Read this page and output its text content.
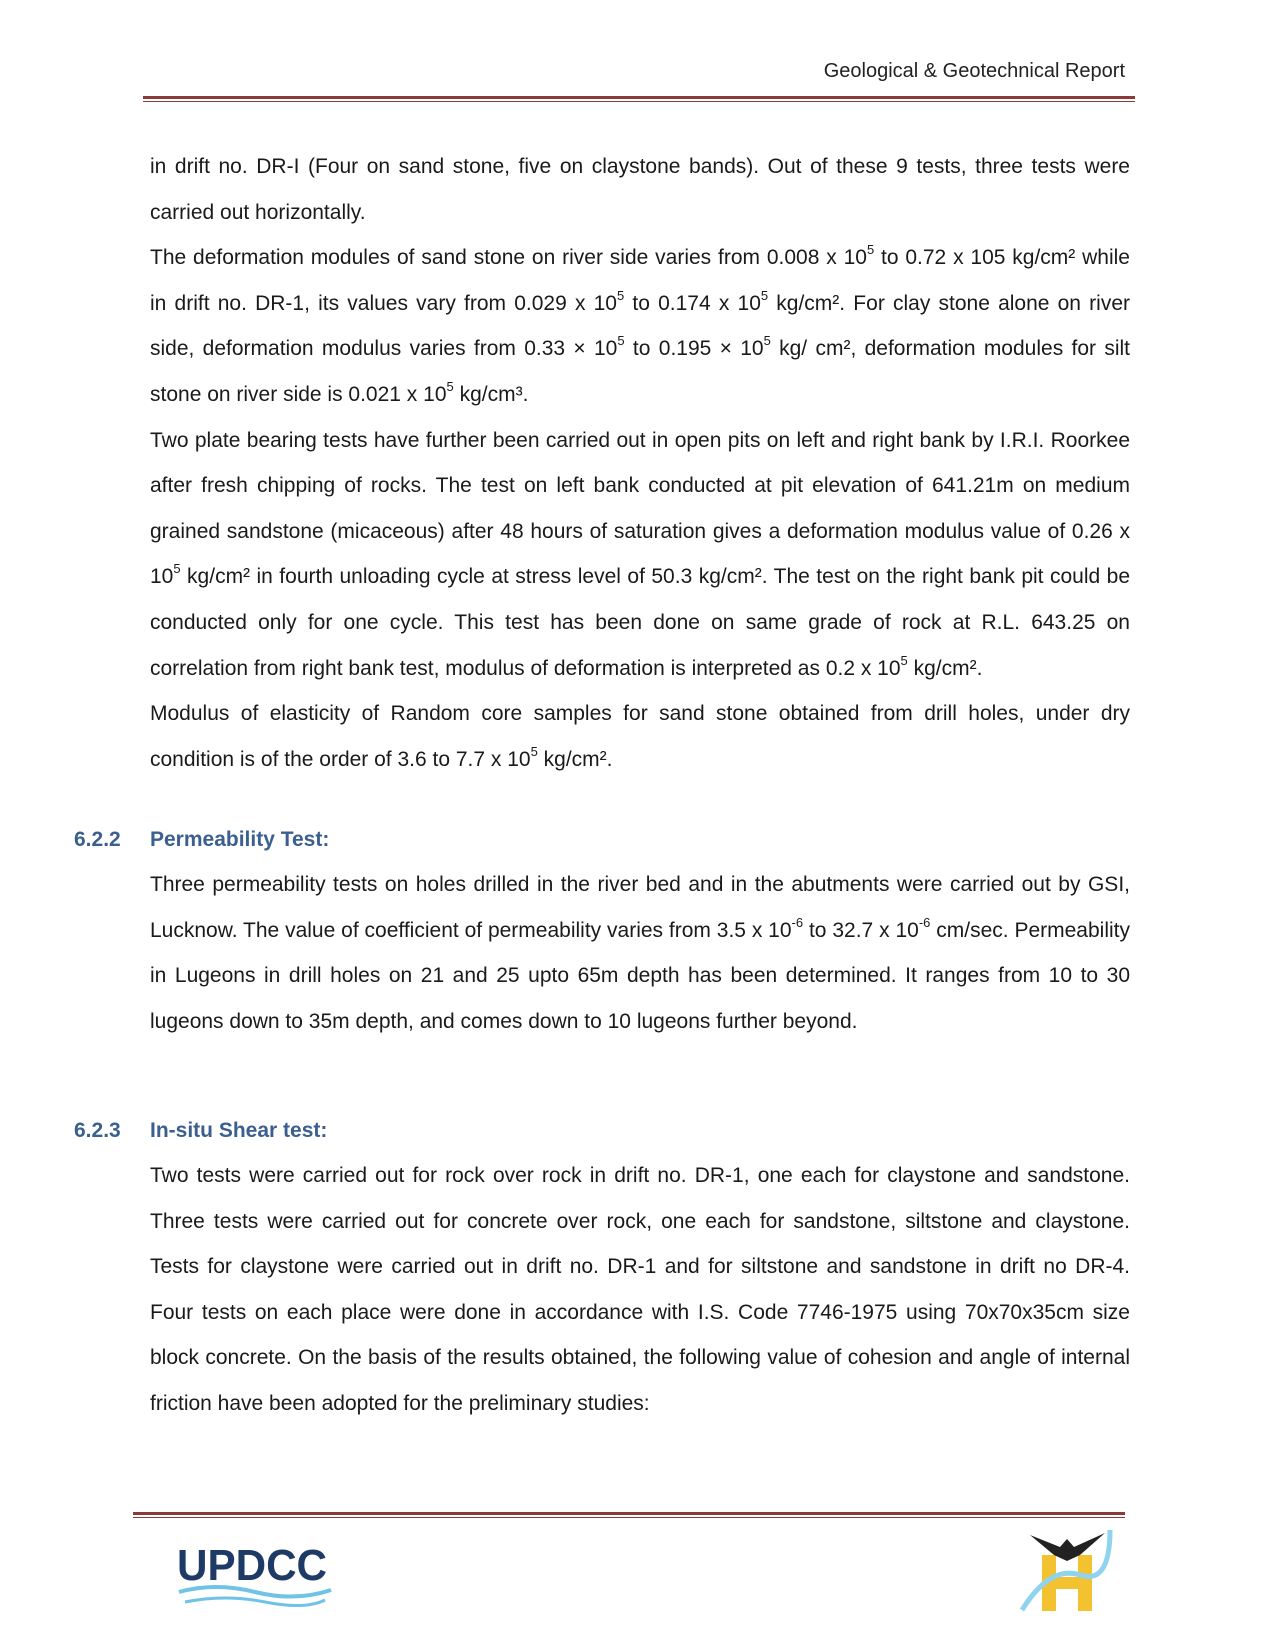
Geological & Geotechnical Report

in drift no. DR-I (Four on sand stone, five on claystone bands). Out of these 9 tests, three tests were carried out horizontally.

The deformation modules of sand stone on river side varies from 0.008 x $10^5$ to 0.72 x 105 kg/cm² while in drift no. DR-1, its values vary from 0.029 x $10^5$ to 0.174 x $10^5$ kg/cm². For clay stone alone on river side, deformation modulus varies from $0.33 \times 10^5$ to $0.195 \times 10^5$ kg/ cm², deformation modules for silt stone on river side is 0.021 x $10^5$ kg/cm³.

Two plate bearing tests have further been carried out in open pits on left and right bank by I.R.I. Roorkee after fresh chipping of rocks. The test on left bank conducted at pit elevation of 641.21m on medium grained sandstone (micaceous) after 48 hours of saturation gives a deformation modulus value of 0.26 x $10^5$ kg/cm² in fourth unloading cycle at stress level of 50.3 kg/cm². The test on the right bank pit could be conducted only for one cycle. This test has been done on same grade of rock at R.L. 643.25 on correlation from right bank test, modulus of deformation is interpreted as 0.2 x $10^5$ kg/cm².

Modulus of elasticity of Random core samples for sand stone obtained from drill holes, under dry condition is of the order of 3.6 to 7.7 x $10^5$ kg/cm².

6.2.2 Permeability Test:

Three permeability tests on holes drilled in the river bed and in the abutments were carried out by GSI, Lucknow. The value of coefficient of permeability varies from 3.5 x $10^{-6}$ to 32.7 x $10^{-6}$ cm/sec. Permeability in Lugeons in drill holes on 21 and 25 upto 65m depth has been determined. It ranges from 10 to 30 lugeons down to 35m depth, and comes down to 10 lugeons further beyond.

6.2.3 In-situ Shear test:

Two tests were carried out for rock over rock in drift no. DR-1, one each for claystone and sandstone. Three tests were carried out for concrete over rock, one each for sandstone, siltstone and claystone. Tests for claystone were carried out in drift no. DR-1 and for siltstone and sandstone in drift no DR-4. Four tests on each place were done in accordance with I.S. Code 7746-1975 using 70x70x35cm size block concrete. On the basis of the results obtained, the following value of cohesion and angle of internal friction have been adopted for the preliminary studies:

UPDCC
